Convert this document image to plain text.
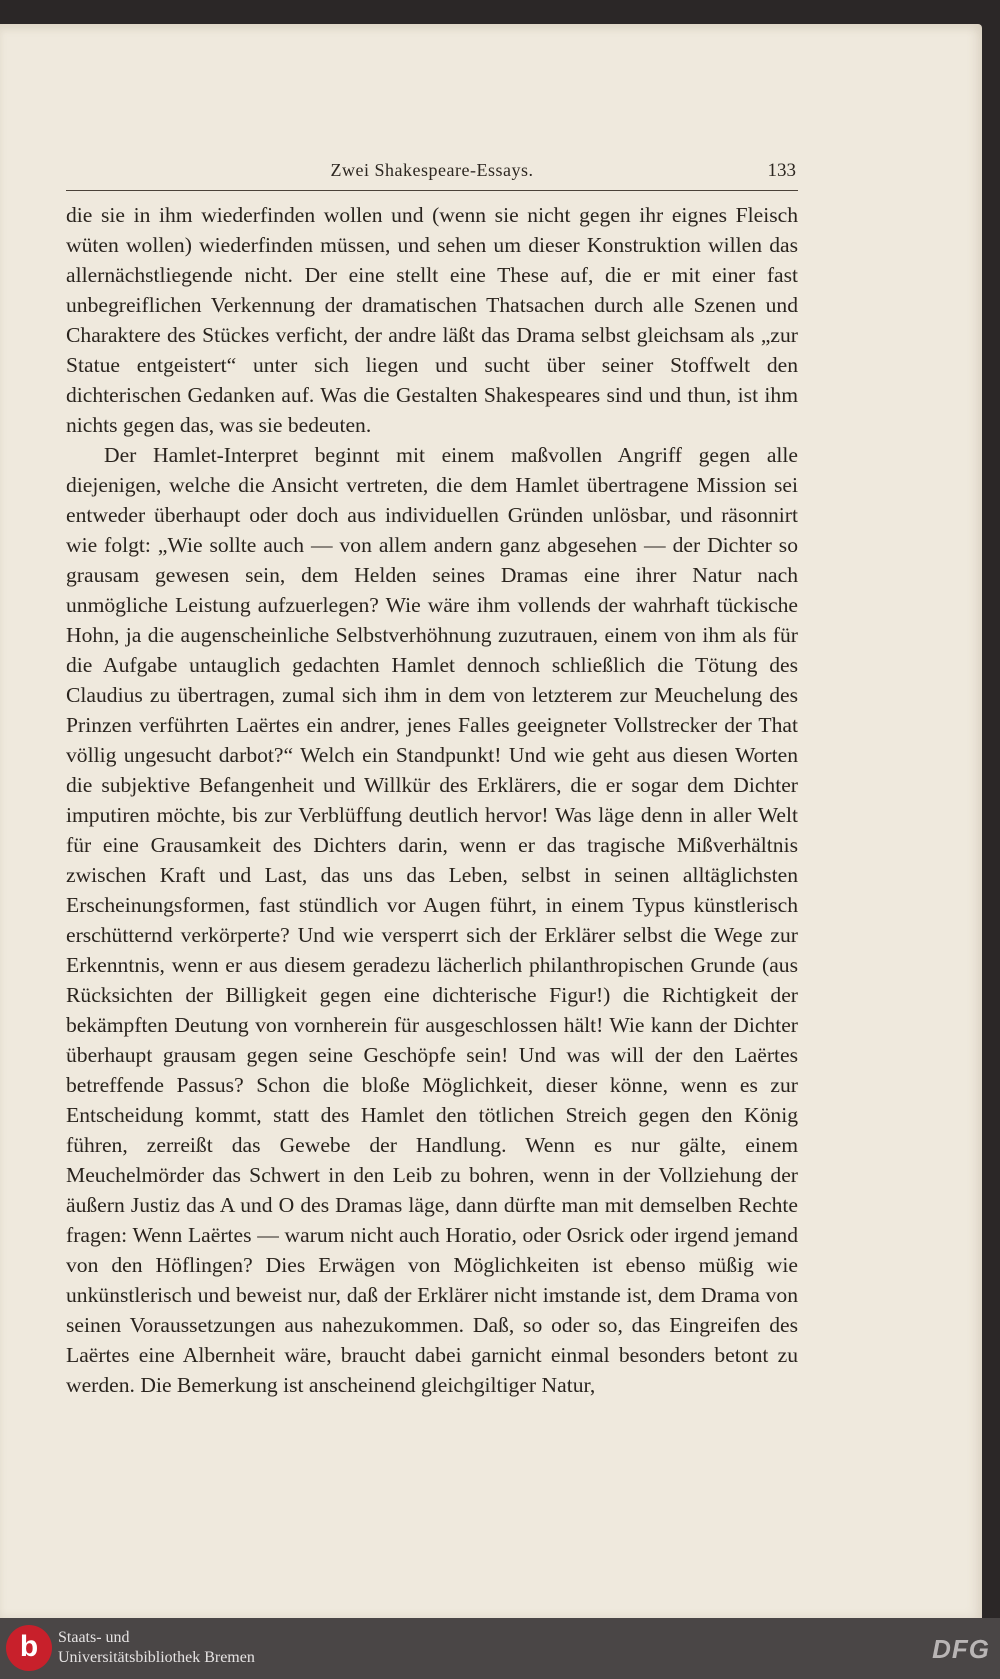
Zwei Shakespeare-Essays.	133

die sie in ihm wiederfinden wollen und (wenn sie nicht gegen ihr eignes Fleisch wüten wollen) wiederfinden müssen, und sehen um dieser Konstruktion willen das allernächstliegende nicht. Der eine stellt eine These auf, die er mit einer fast unbegreiflichen Verkennung der dramatischen Thatsachen durch alle Szenen und Charaktere des Stückes verficht, der andre läßt das Drama selbst gleichsam als „zur Statue entgeistert“ unter sich liegen und sucht über seiner Stoffwelt den dichterischen Gedanken auf. Was die Gestalten Shakespeares sind und thun, ist ihm nichts gegen das, was sie bedeuten.

Der Hamlet-Interpret beginnt mit einem maßvollen Angriff gegen alle diejenigen, welche die Ansicht vertreten, die dem Hamlet übertragene Mission sei entweder überhaupt oder doch aus individuellen Gründen unlösbar, und räsonnirt wie folgt: „Wie sollte auch — von allem andern ganz abgesehen — der Dichter so grausam gewesen sein, dem Helden seines Dramas eine ihrer Natur nach unmögliche Leistung aufzuerlegen? Wie wäre ihm vollends der wahrhaft tückische Hohn, ja die augenscheinliche Selbstverhöhnung zuzutrauen, einem von ihm als für die Aufgabe untauglich gedachten Hamlet dennoch schließlich die Tötung des Claudius zu übertragen, zumal sich ihm in dem von letzterem zur Meuchelung des Prinzen verführten Laërtes ein andrer, jenes Falles geeigneter Vollstrecker der That völlig ungesucht darbot?“ Welch ein Standpunkt! Und wie geht aus diesen Worten die subjektive Befangenheit und Willkür des Erklärers, die er sogar dem Dichter imputiren möchte, bis zur Verblüffung deutlich hervor! Was läge denn in aller Welt für eine Grausamkeit des Dichters darin, wenn er das tragische Mißverhältnis zwischen Kraft und Last, das uns das Leben, selbst in seinen alltäglichsten Erscheinungsformen, fast stündlich vor Augen führt, in einem Typus künstlerisch erschütternd verkörperte? Und wie versperrt sich der Erklärer selbst die Wege zur Erkenntnis, wenn er aus diesem geradezu lächerlich philanthropischen Grunde (aus Rücksichten der Billigkeit gegen eine dichterische Figur!) die Richtigkeit der bekämpften Deutung von vornherein für ausgeschlossen hält! Wie kann der Dichter überhaupt grausam gegen seine Geschöpfe sein! Und was will der den Laërtes betreffende Passus? Schon die bloße Möglichkeit, dieser könne, wenn es zur Entscheidung kommt, statt des Hamlet den tötlichen Streich gegen den König führen, zerreißt das Gewebe der Handlung. Wenn es nur gälte, einem Meuchelmörder das Schwert in den Leib zu bohren, wenn in der Vollziehung der äußern Justiz das A und O des Dramas läge, dann dürfte man mit demselben Rechte fragen: Wenn Laërtes — warum nicht auch Horatio, oder Osrick oder irgend jemand von den Höflingen? Dies Erwägen von Möglichkeiten ist ebenso müßig wie unkünstlerisch und beweist nur, daß der Erklärer nicht imstande ist, dem Drama von seinen Voraussetzungen aus nahezukommen. Daß, so oder so, das Eingreifen des Laërtes eine Albernheit wäre, braucht dabei garnicht einmal besonders betont zu werden. Die Bemerkung ist anscheinend gleichgiltiger Natur,

b	Staats- und
Universitätsbibliothek Bremen	DFG
